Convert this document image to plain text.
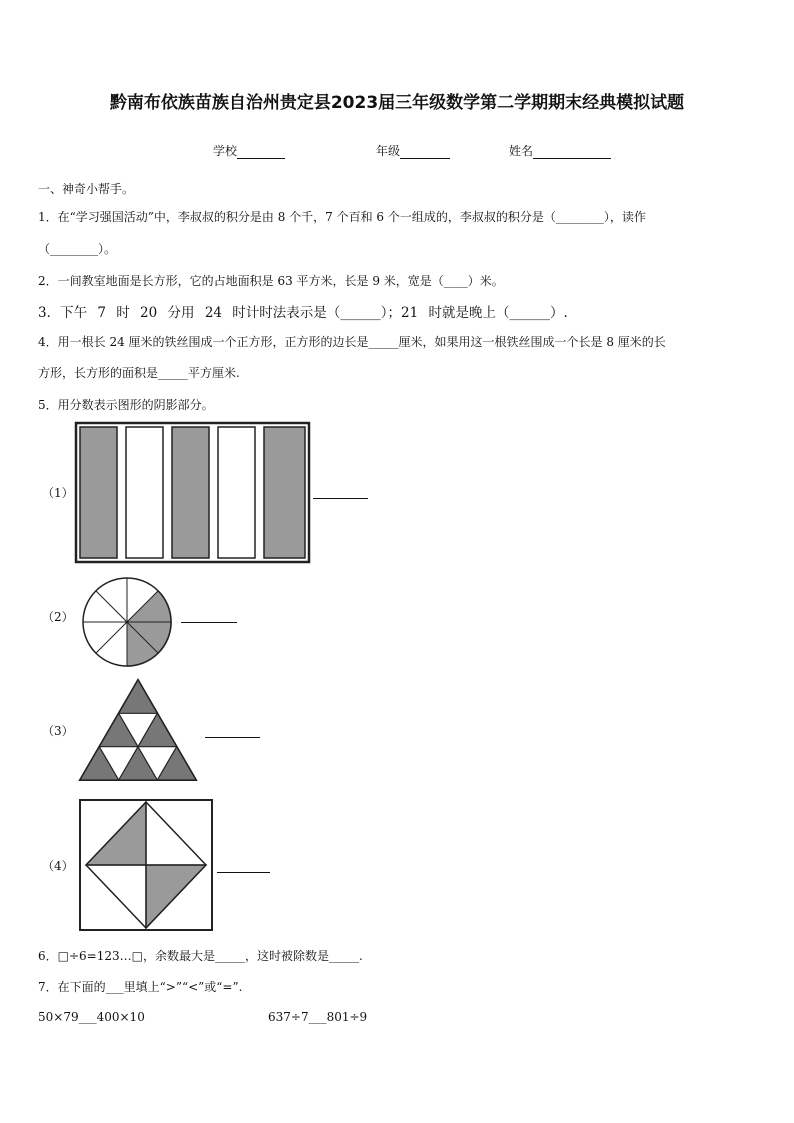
黔南布依族苗族自治州贵定县2023届三年级数学第二学期期末经典模拟试题
学校	年级	姓名
一、神奇小帮手。
1．在“学习强国活动”中，李叔叔的积分是由 8 个千，7 个百和 6 个一组成的，李叔叔的积分是（________），读作
（________）。
2．一间教室地面是长方形，它的占地面积是 63 平方米，长是 9 米，宽是（____）米。
3．下午 7 时 20 分用 24 时计时法表示是（______）；21 时就是晚上（______）.
4．用一根长 24 厘米的铁丝围成一个正方形，正方形的边长是_____厘米，如果用这一根铁丝围成一个长是 8 厘米的长
方形，长方形的面积是_____平方厘米.
5．用分数表示图形的阴影部分。
（1）
（2）
（3）
（4）
6．□÷6=123…□，余数最大是_____，这时被除数是_____.
7．在下面的___里填上“>”“<”或“=”.
50×79___400×10	637÷7___801÷9
